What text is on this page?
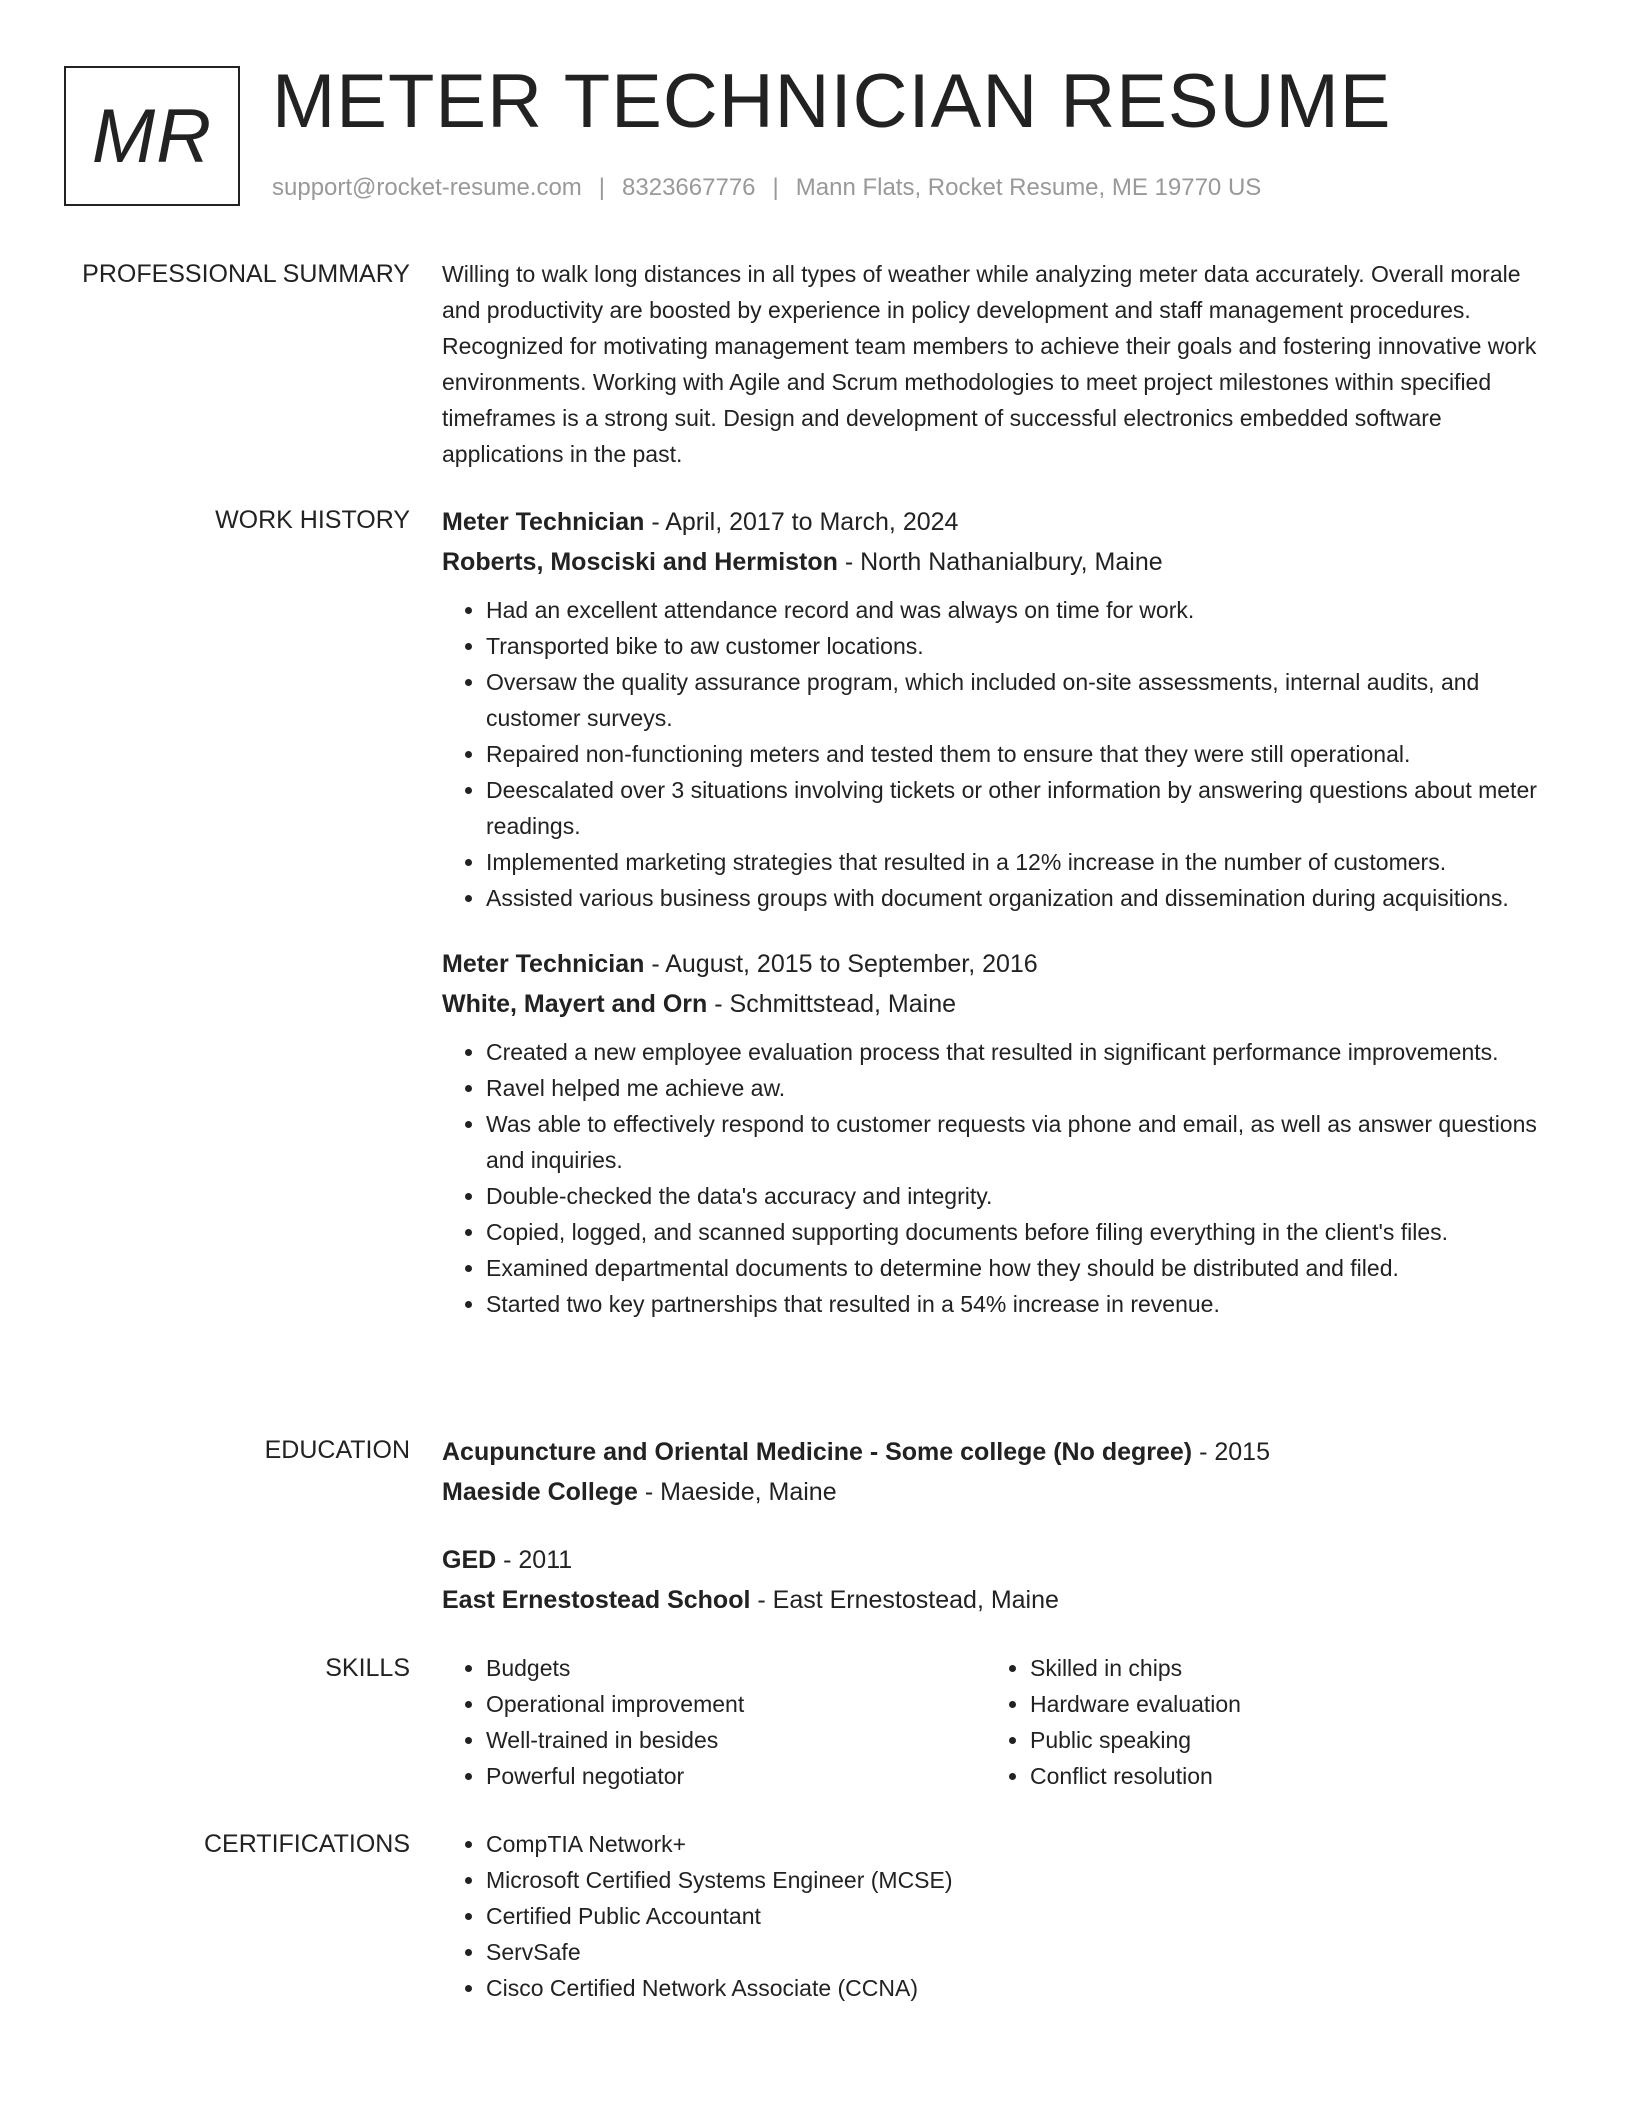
MR METER TECHNICIAN RESUME
support@rocket-resume.com | 8323667776 | Mann Flats, Rocket Resume, ME 19770 US
PROFESSIONAL SUMMARY Willing to walk long distances in all types of weather while analyzing meter data accurately. Overall morale and productivity are boosted by experience in policy development and staff management procedures. Recognized for motivating management team members to achieve their goals and fostering innovative work environments. Working with Agile and Scrum methodologies to meet project milestones within specified timeframes is a strong suit. Design and development of successful electronics embedded software applications in the past.

WORK HISTORY Meter Technician - April, 2017 to March, 2024
Roberts, Mosciski and Hermiston - North Nathanialbury, Maine
• Had an excellent attendance record and was always on time for work.
• Transported bike to aw customer locations.
• Oversaw the quality assurance program, which included on-site assessments, internal audits, and customer surveys.
• Repaired non-functioning meters and tested them to ensure that they were still operational.
• Deescalated over 3 situations involving tickets or other information by answering questions about meter readings.
• Implemented marketing strategies that resulted in a 12% increase in the number of customers.
• Assisted various business groups with document organization and dissemination during acquisitions.
Meter Technician - August, 2015 to September, 2016
White, Mayert and Orn - Schmittstead, Maine
• Created a new employee evaluation process that resulted in significant performance improvements.
• Ravel helped me achieve aw.
• Was able to effectively respond to customer requests via phone and email, as well as answer questions and inquiries.
• Double-checked the data's accuracy and integrity.
• Copied, logged, and scanned supporting documents before filing everything in the client's files.
• Examined departmental documents to determine how they should be distributed and filed.
• Started two key partnerships that resulted in a 54% increase in revenue.
EDUCATION Acupuncture and Oriental Medicine - Some college (No degree) - 2015
Maeside College - Maeside, Maine
GED - 2011
East Ernestostead School - East Ernestostead, Maine
SKILLS	• Budgets
• Operational improvement
• Well-trained in besides
• Powerful negotiator
• Skilled in chips
• Hardware evaluation
• Public speaking
• Conflict resolution
CERTIFICATIONS	• CompTIA Network+
• Microsoft Certified Systems Engineer (MCSE)
• Certified Public Accountant
• ServSafe
• Cisco Certified Network Associate (CCNA)
